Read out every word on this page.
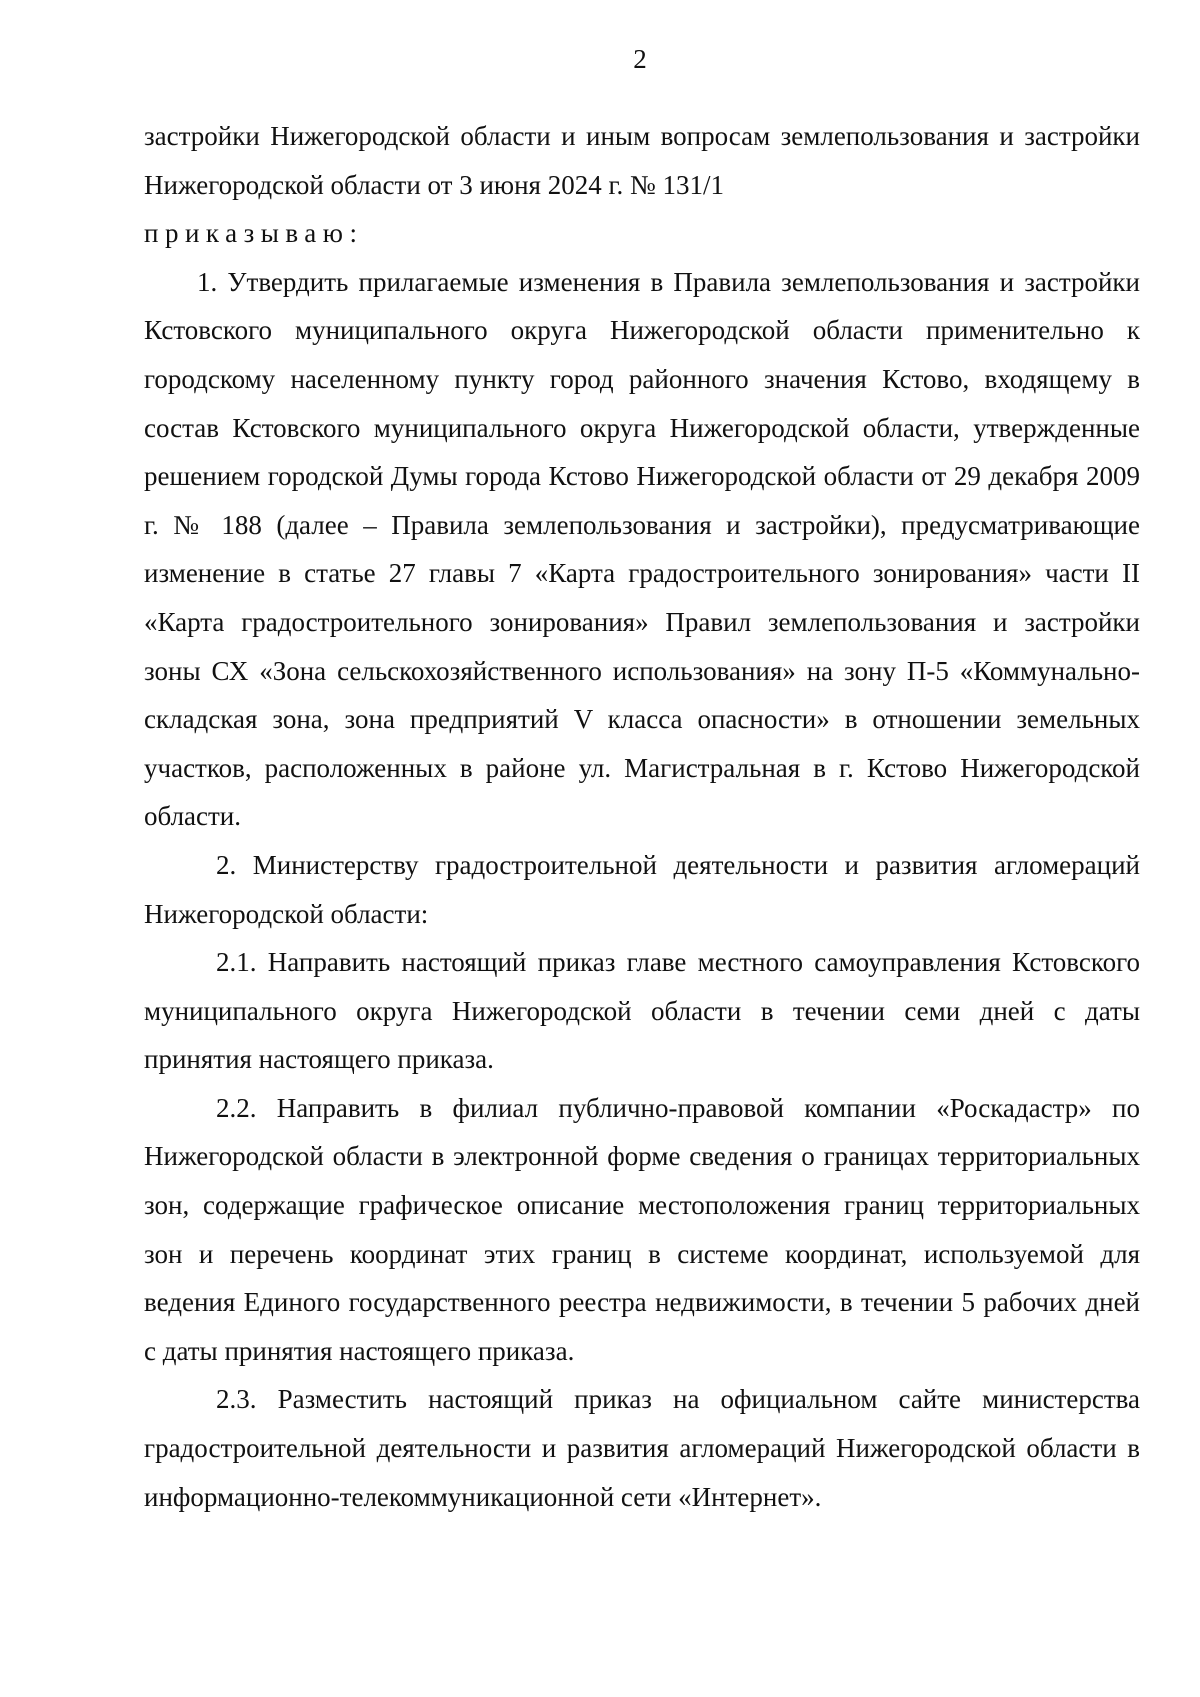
2

застройки Нижегородской области и иным вопросам землепользования и застройки Нижегородской области от 3 июня 2024 г. № 131/1

приказываю:

1. Утвердить прилагаемые изменения в Правила землепользования и застройки Кстовского муниципального округа Нижегородской области применительно к городскому населенному пункту город районного значения Кстово, входящему в состав Кстовского муниципального округа Нижегородской области, утвержденные решением городской Думы города Кстово Нижегородской области от 29 декабря 2009 г. № 188 (далее – Правила землепользования и застройки), предусматривающие изменение в статье 27 главы 7 «Карта градостроительного зонирования» части II «Карта градостроительного зонирования» Правил землепользования и застройки зоны СХ «Зона сельскохозяйственного использования» на зону П-5 «Коммунально-складская зона, зона предприятий V класса опасности» в отношении земельных участков, расположенных в районе ул. Магистральная в г. Кстово Нижегородской области.

2. Министерству градостроительной деятельности и развития агломераций Нижегородской области:

2.1. Направить настоящий приказ главе местного самоуправления Кстовского муниципального округа Нижегородской области в течении семи дней с даты принятия настоящего приказа.

2.2. Направить в филиал публично-правовой компании «Роскадастр» по Нижегородской области в электронной форме сведения о границах территориальных зон, содержащие графическое описание местоположения границ территориальных зон и перечень координат этих границ в системе координат, используемой для ведения Единого государственного реестра недвижимости, в течении 5 рабочих дней с даты принятия настоящего приказа.

2.3. Разместить настоящий приказ на официальном сайте министерства градостроительной деятельности и развития агломераций Нижегородской области в информационно-телекоммуникационной сети «Интернет».
